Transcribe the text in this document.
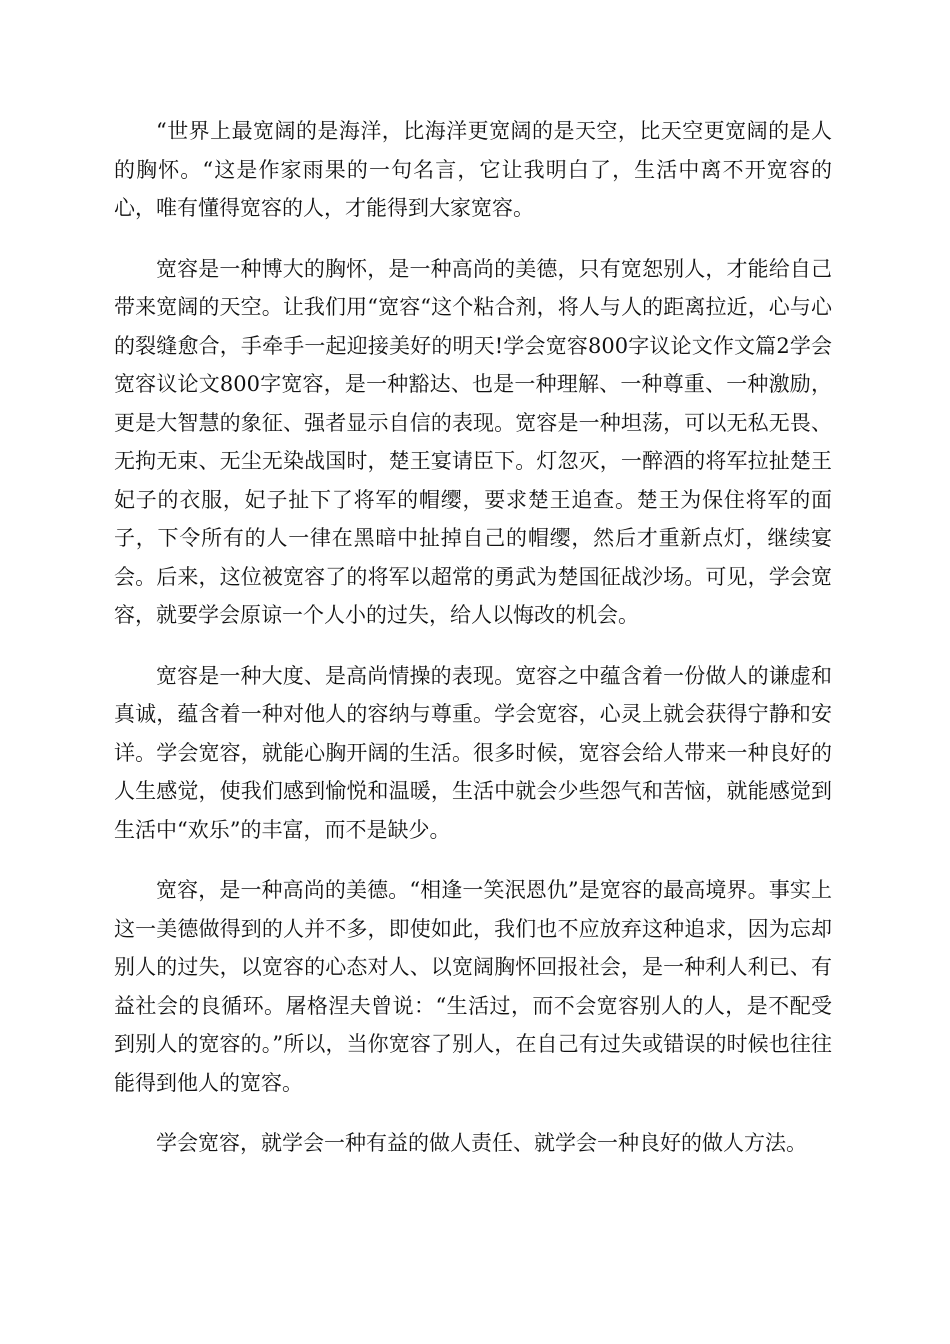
“世界上最宽阔的是海洋，比海洋更宽阔的是天空，比天空更宽阔的是人的胸怀。“这是作家雨果的一句名言，它让我明白了，生活中离不开宽容的心，唯有懂得宽容的人，才能得到大家宽容。

宽容是一种博大的胸怀，是一种高尚的美德，只有宽恕别人，才能给自己带来宽阔的天空。让我们用“宽容“这个粘合剂，将人与人的距离拉近，心与心的裂缝愈合，手牵手一起迎接美好的明天!学会宽容800字议论文作文篇2学会宽容议论文800字宽容，是一种豁达、也是一种理解、一种尊重、一种激励，更是大智慧的象征、强者显示自信的表现。宽容是一种坦荡，可以无私无畏、无拘无束、无尘无染战国时，楚王宴请臣下。灯忽灭，一醉酒的将军拉扯楚王妃子的衣服，妃子扯下了将军的帽缨，要求楚王追查。楚王为保住将军的面子，下令所有的人一律在黑暗中扯掉自己的帽缨，然后才重新点灯，继续宴会。后来，这位被宽容了的将军以超常的勇武为楚国征战沙场。可见，学会宽容，就要学会原谅一个人小的过失，给人以悔改的机会。

宽容是一种大度、是高尚情操的表现。宽容之中蕴含着一份做人的谦虚和真诚，蕴含着一种对他人的容纳与尊重。学会宽容，心灵上就会获得宁静和安详。学会宽容，就能心胸开阔的生活。很多时候，宽容会给人带来一种良好的人生感觉，使我们感到愉悦和温暖，生活中就会少些怨气和苦恼，就能感觉到生活中“欢乐”的丰富，而不是缺少。

宽容，是一种高尚的美德。“相逢一笑泯恩仇”是宽容的最高境界。事实上这一美德做得到的人并不多，即使如此，我们也不应放弃这种追求，因为忘却别人的过失，以宽容的心态对人、以宽阔胸怀回报社会，是一种利人利已、有益社会的良循环。屠格涅夫曾说：“生活过，而不会宽容别人的人，是不配受到别人的宽容的。”所以，当你宽容了别人，在自己有过失或错误的时候也往往能得到他人的宽容。

学会宽容，就学会一种有益的做人责任、就学会一种良好的做人方法。
